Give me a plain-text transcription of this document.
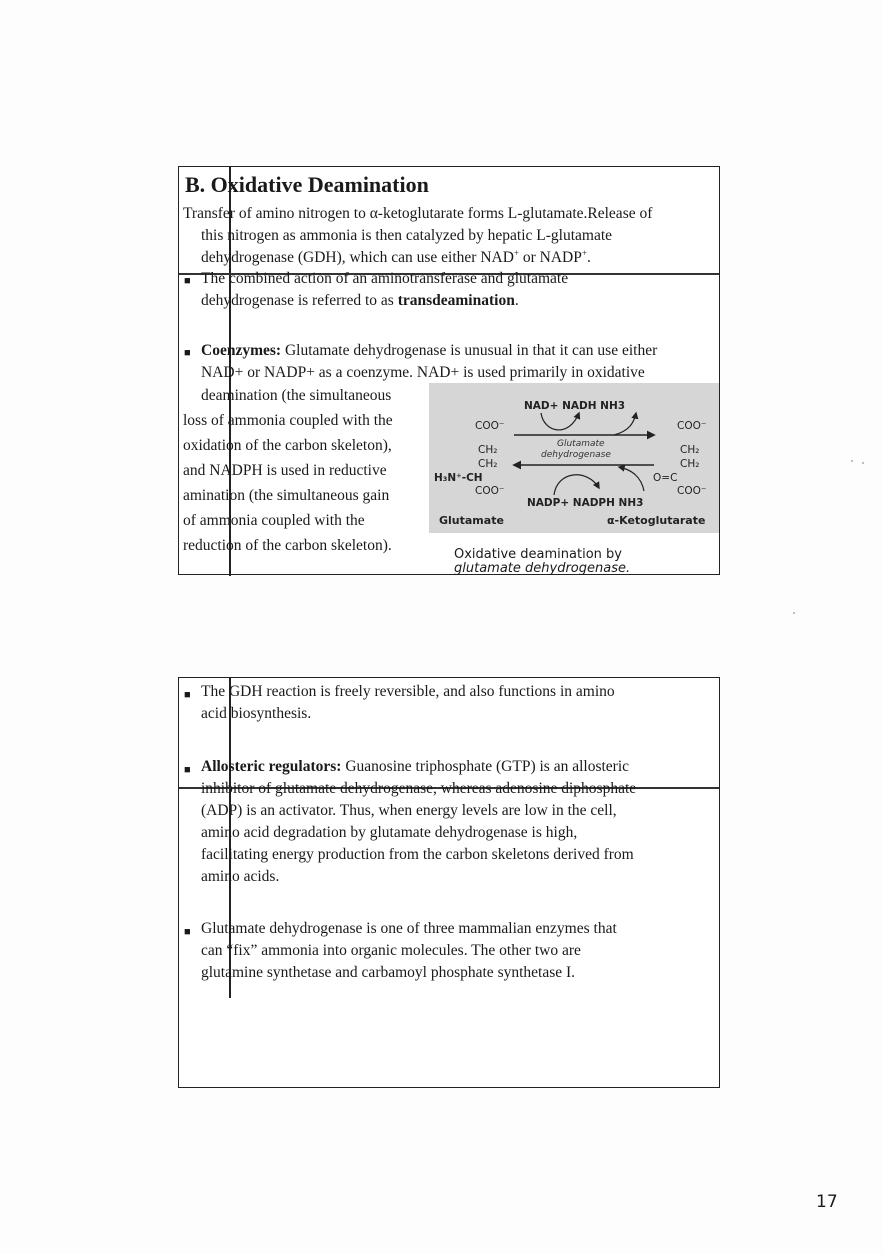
B. Oxidative Deamination
Transfer of amino nitrogen to α-ketoglutarate forms L-glutamate.Release of
this nitrogen as ammonia is then catalyzed by hepatic L-glutamate
dehydrogenase (GDH), which can use either NAD+ or NADP+.
■ The combined action of an aminotransferase and glutamate
dehydrogenase is referred to as transdeamination.
■ Coenzymes: Glutamate dehydrogenase is unusual in that it can use either
NAD+ or NADP+ as a coenzyme. NAD+ is used primarily in oxidative
deamination (the simultaneous
loss of ammonia coupled with the
oxidation of the carbon skeleton),
and NADPH is used in reductive
amination (the simultaneous gain
of ammonia coupled with the
reduction of the carbon skeleton).
NAD+ NADH NH3
NADP+ NADPH NH3
Glutamate
dehydrogenase
COO⁻
CH₂
CH₂
H₃N⁺-CH
COO⁻
COO⁻
CH₂
CH₂
O=C
COO⁻
Glutamate	α-Ketoglutarate
Oxidative deamination by
glutamate dehydrogenase.
■ The GDH reaction is freely reversible, and also functions in amino
acid biosynthesis.
■ Allosteric regulators: Guanosine triphosphate (GTP) is an allosteric
inhibitor of glutamate dehydrogenase, whereas adenosine diphosphate
(ADP) is an activator. Thus, when energy levels are low in the cell,
amino acid degradation by glutamate dehydrogenase is high,
facilitating energy production from the carbon skeletons derived from
amino acids.
■ Glutamate dehydrogenase is one of three mammalian enzymes that
can “fix” ammonia into organic molecules. The other two are
glutamine synthetase and carbamoyl phosphate synthetase I.
17
